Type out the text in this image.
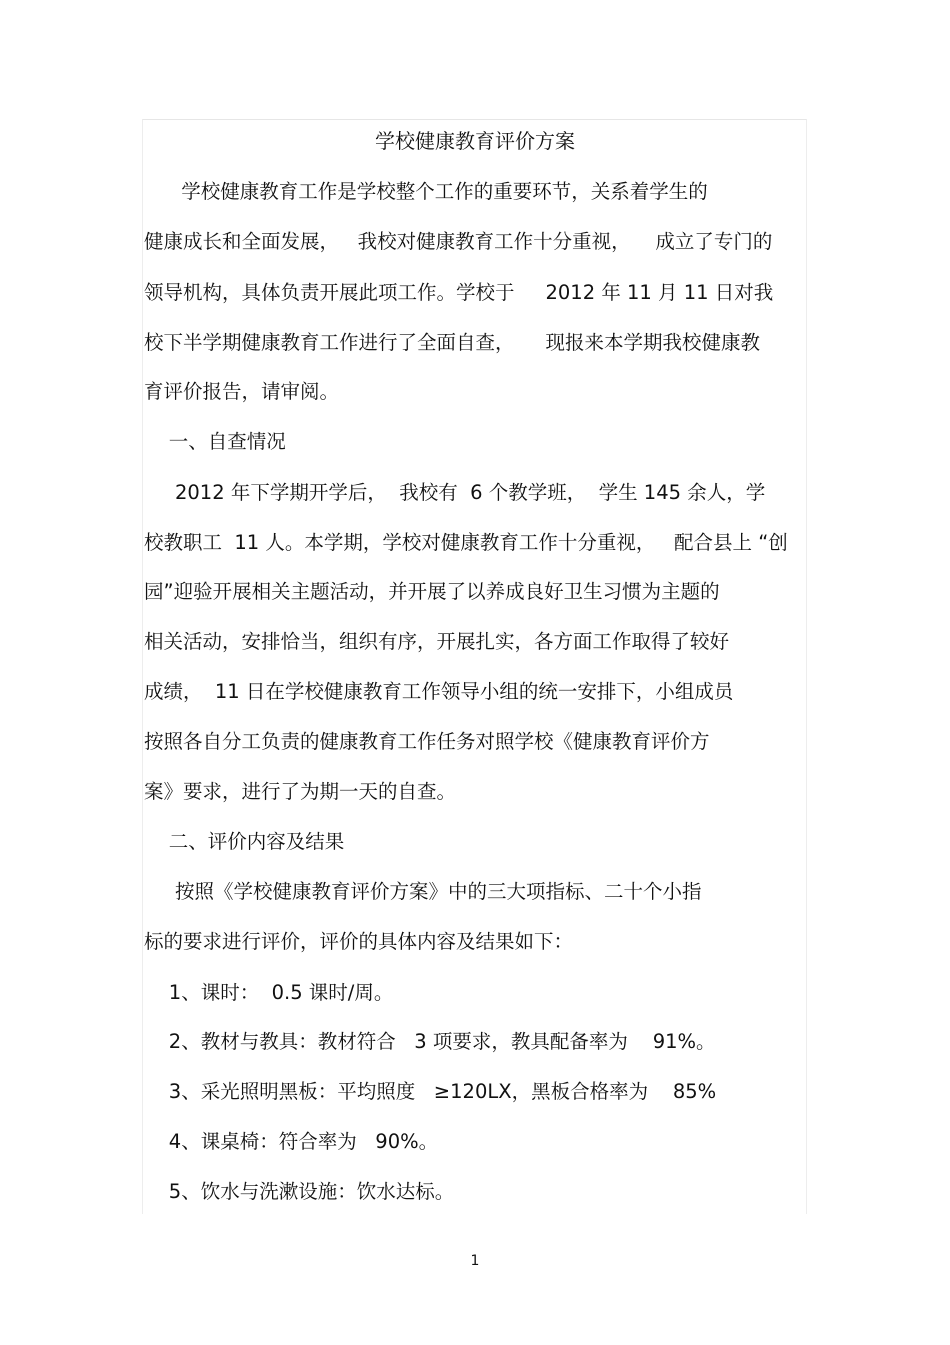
学校健康教育评价方案
学校健康教育工作是学校整个工作的重要环节，关系着学生的
健康成长和全面发展，   我校对健康教育工作十分重视，    成立了专门的
领导机构，具体负责开展此项工作。学校于     2012 年 11 月 11 日对我
校下半学期健康教育工作进行了全面自查，     现报来本学期我校健康教
育评价报告，请审阅。
一、自查情况
2012 年下学期开学后，  我校有  6 个教学班，  学生 145 余人，学
校教职工  11 人。本学期，学校对健康教育工作十分重视，   配合县上 “创
园”迎验开展相关主题活动，并开展了以养成良好卫生习惯为主题的
相关活动，安排恰当，组织有序，开展扎实，各方面工作取得了较好
成绩，  11 日在学校健康教育工作领导小组的统一安排下，小组成员
按照各自分工负责的健康教育工作任务对照学校《健康教育评价方
案》要求，进行了为期一天的自查。
二、评价内容及结果
按照《学校健康教育评价方案》中的三大项指标、二十个小指
标的要求进行评价，评价的具体内容及结果如下：
1、课时：  0.5 课时/周。
2、教材与教具：教材符合   3 项要求，教具配备率为    91%。
3、采光照明黑板：平均照度   ≥120LX，黑板合格率为    85%
4、课桌椅：符合率为   90%。
5、饮水与洗漱设施：饮水达标。
1
